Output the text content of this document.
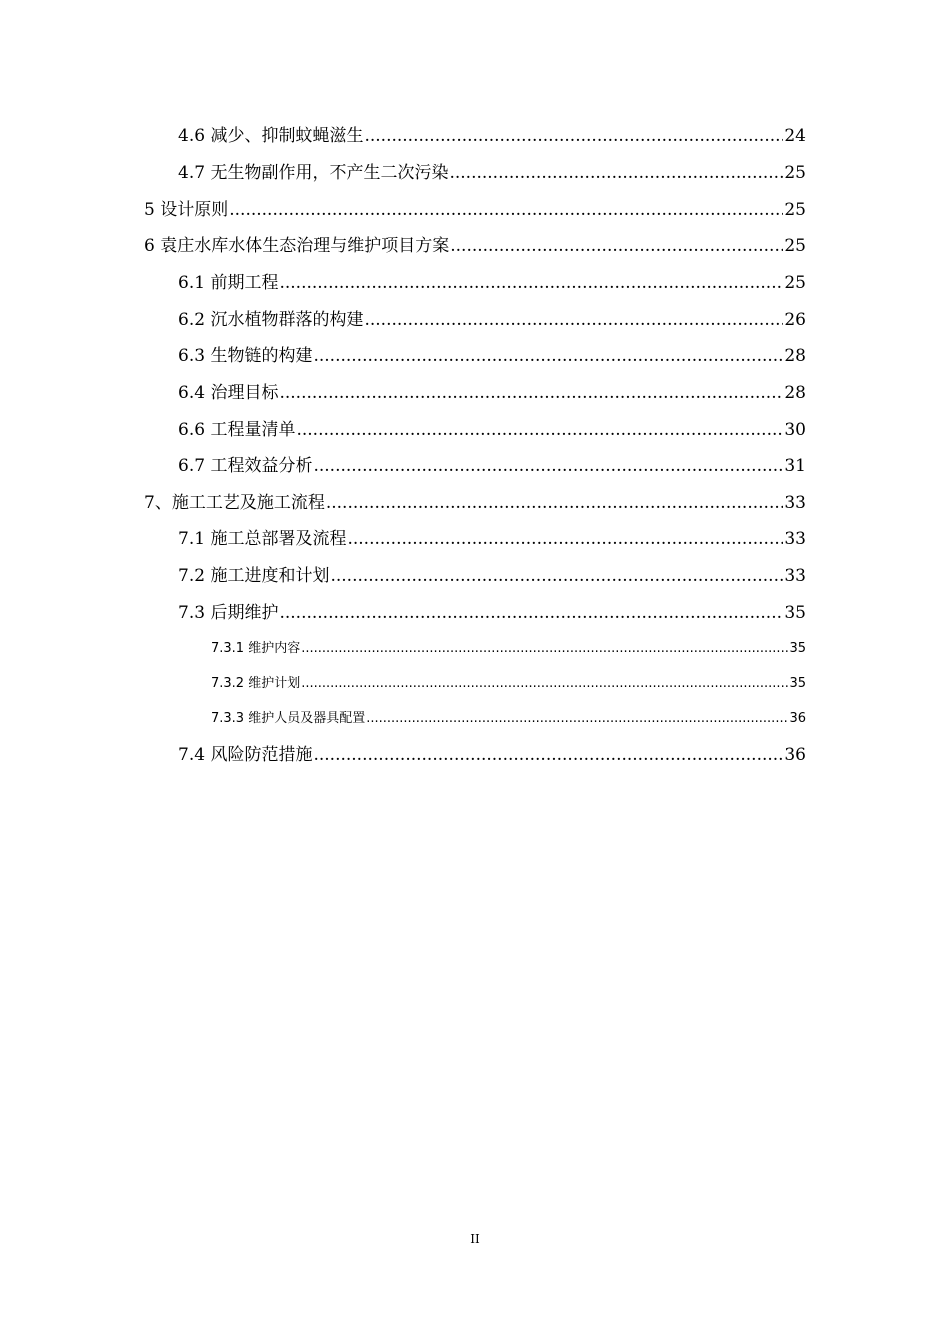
4.6 减少、抑制蚊蝇滋生 .....	24
4.7 无生物副作用，不产生二次污染 .....	25
5 设计原则 .....	25
6 袁庄水库水体生态治理与维护项目方案 .....	25
6.1 前期工程 .....	25
6.2 沉水植物群落的构建 .....	26
6.3 生物链的构建 .....	28
6.4 治理目标 .....	28
6.6 工程量清单 .....	30
6.7 工程效益分析 .....	31
7、施工工艺及施工流程 .....	33
7.1 施工总部署及流程 .....	33
7.2 施工进度和计划 .....	33
7.3 后期维护 .....	35
7.3.1 维护内容 .....	35
7.3.2 维护计划 .....	35
7.3.3 维护人员及器具配置 .....	36
7.4 风险防范措施 .....	36
II
